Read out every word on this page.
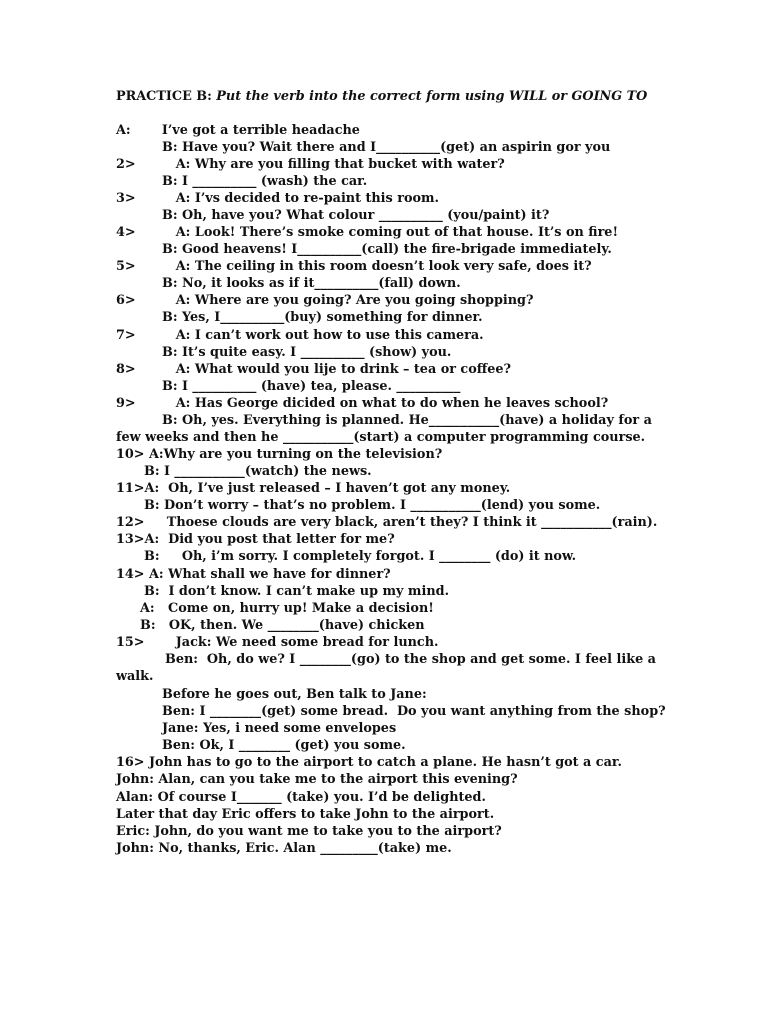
PRACTICE B: Put the verb into the correct form using WILL or GOING TO
A:       I’ve got a terrible headache
B: Have you? Wait there and I__________(get) an aspirin gor you
2>         A: Why are you filling that bucket with water?
B: I __________ (wash) the car.
3>         A: I’vs decided to re-paint this room.
B: Oh, have you? What colour __________ (you/paint) it?
4>         A: Look! There’s smoke coming out of that house. It’s on fire!
B: Good heavens! I__________(call) the fire-brigade immediately.
5>         A: The ceiling in this room doesn’t look very safe, does it?
B: No, it looks as if it__________(fall) down.
6>         A: Where are you going? Are you going shopping?
B: Yes, I__________(buy) something for dinner.
7>         A: I can’t work out how to use this camera.
B: It’s quite easy. I __________ (show) you.
8>         A: What would you lije to drink – tea or coffee?
B: I __________ (have) tea, please. __________
9>         A: Has George dicided on what to do when he leaves school?
B: Oh, yes. Everything is planned. He___________(have) a holiday for a
few weeks and then he ___________(start) a computer programming course.
10> A:Why are you turning on the television?
B: I ___________(watch) the news.
11>A:  Oh, I’ve just released – I haven’t got any money.
B: Don’t worry – that’s no problem. I ___________(lend) you some.
12>     Thoese clouds are very black, aren’t they? I think it ___________(rain).
13>A:  Did you post that letter for me?
B:     Oh, i’m sorry. I completely forgot. I ________ (do) it now.
14> A: What shall we have for dinner?
B:  I don’t know. I can’t make up my mind.
A:   Come on, hurry up! Make a decision!
B:   OK, then. We ________(have) chicken
15>       Jack: We need some bread for lunch.
Ben:  Oh, do we? I ________(go) to the shop and get some. I feel like a
walk.
Before he goes out, Ben talk to Jane:
Ben: I ________(get) some bread.  Do you want anything from the shop?
Jane: Yes, i need some envelopes
Ben: Ok, I ________ (get) you some.
16> John has to go to the airport to catch a plane. He hasn’t got a car.
John: Alan, can you take me to the airport this evening?
Alan: Of course I_______ (take) you. I’d be delighted.
Later that day Eric offers to take John to the airport.
Eric: John, do you want me to take you to the airport?
John: No, thanks, Eric. Alan _________(take) me.
